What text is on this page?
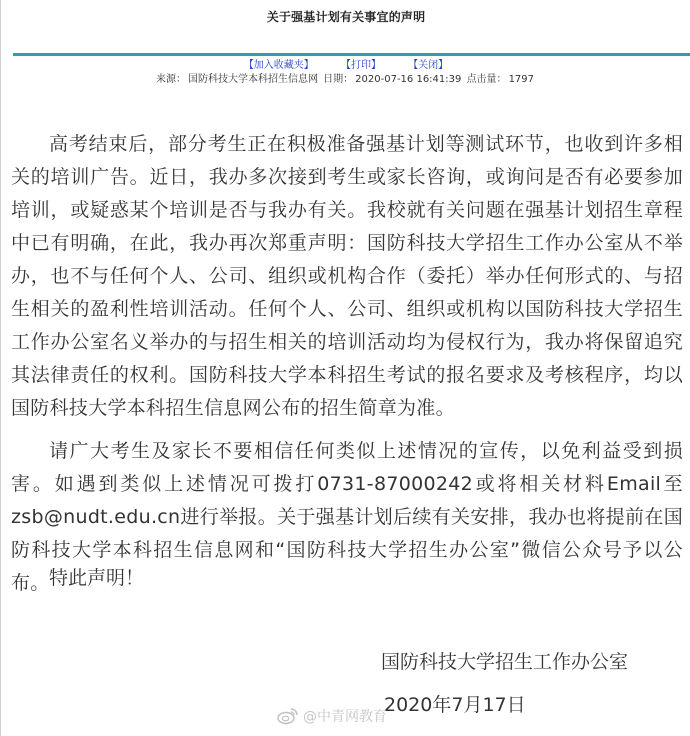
关于强基计划有关事宜的声明
【加入收藏夹】	【打印】	【关闭】
来源： 国防科技大学本科招生信息网 日期： 2020-07-16 16:41:39 点击量： 1797

高考结束后，部分考生正在积极准备强基计划等测试环节，也收到许多相关的培训广告。近日，我办多次接到考生或家长咨询，或询问是否有必要参加培训，或疑惑某个培训是否与我办有关。我校就有关问题在强基计划招生章程中已有明确，在此，我办再次郑重声明：国防科技大学招生工作办公室从不举办，也不与任何个人、公司、组织或机构合作（委托）举办任何形式的、与招生相关的盈利性培训活动。任何个人、公司、组织或机构以国防科技大学招生工作办公室名义举办的与招生相关的培训活动均为侵权行为，我办将保留追究其法律责任的权利。国防科技大学本科招生考试的报名要求及考核程序，均以国防科技大学本科招生信息网公布的招生简章为准。

请广大考生及家长不要相信任何类似上述情况的宣传，以免利益受到损害。如遇到类似上述情况可拨打0731-87000242或将相关材料Email至zsb@nudt.edu.cn进行举报。关于强基计划后续有关安排，我办也将提前在国防科技大学本科招生信息网和“国防科技大学招生办公室”微信公众号予以公布。 特此声明！
国防科技大学招生工作办公室
2020年7月17日
@中青网教育
